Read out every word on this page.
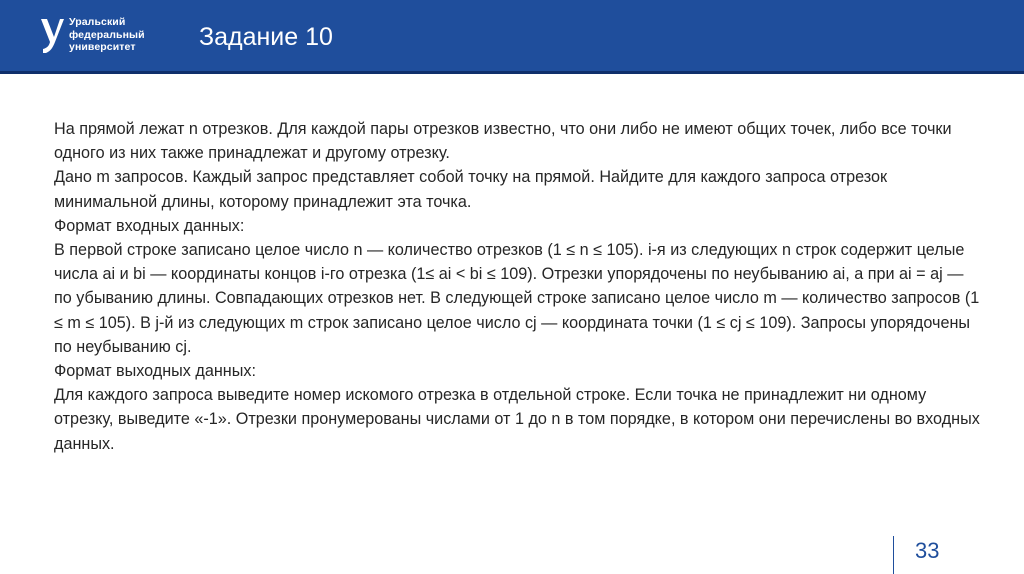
Уральский
федеральный
университет	Задание 10

На прямой лежат n отрезков. Для каждой пары отрезков известно, что они либо не имеют общих точек, либо все точки одного из них также принадлежат и другому отрезку.

Дано m запросов. Каждый запрос представляет собой точку на прямой. Найдите для каждого запроса отрезок минимальной длины, которому принадлежит эта точка.

Формат входных данных:

В первой строке записано целое число n — количество отрезков (1 ≤ n ≤ 105). i-я из следующих n строк содержит целые числа ai и bi — координаты концов i-го отрезка (1≤ ai < bi ≤ 109). Отрезки упорядочены по неубыванию ai, а при ai = aj — по убыванию длины. Совпадающих отрезков нет. В следующей строке записано целое число m — количество запросов (1 ≤ m ≤ 105). В j-й из следующих m строк записано целое число cj — координата точки (1 ≤ cj ≤ 109). Запросы упорядочены по неубыванию cj.

Формат выходных данных:

Для каждого запроса выведите номер искомого отрезка в отдельной строке. Если точка не принадлежит ни одному отрезку, выведите «-1». Отрезки пронумерованы числами от 1 до n в том порядке, в котором они перечислены во входных данных.

33
